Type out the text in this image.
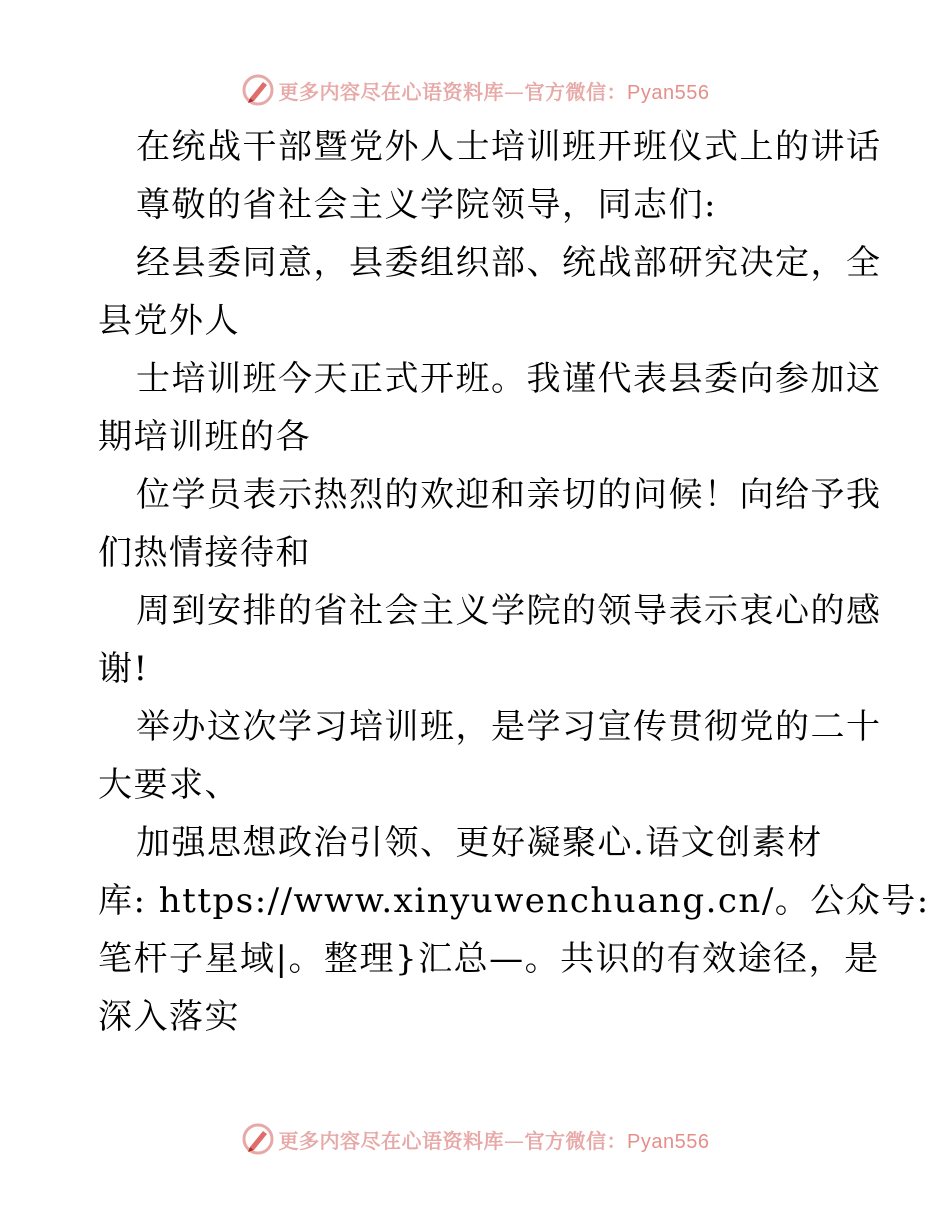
更多内容尽在心语资料库—官方微信：Pyan556

在统战干部暨党外人士培训班开班仪式上的讲话

尊敬的省社会主义学院领导，同志们:

经县委同意，县委组织部、统战部研究决定，全

县党外人

士培训班今天正式开班。我谨代表县委向参加这

期培训班的各

位学员表示热烈的欢迎和亲切的问候！向给予我

们热情接待和

周到安排的省社会主义学院的领导表示衷心的感

谢!

举办这次学习培训班，是学习宣传贯彻党的二十

大要求、

加强思想政治引领、更好凝聚心.语文创素材

库: https://www.xinyuwenchuang.cn/。公众号:

笔杆子星域|。整理}汇总—。共识的有效途径，是

深入落实

更多内容尽在心语资料库—官方微信：Pyan556
